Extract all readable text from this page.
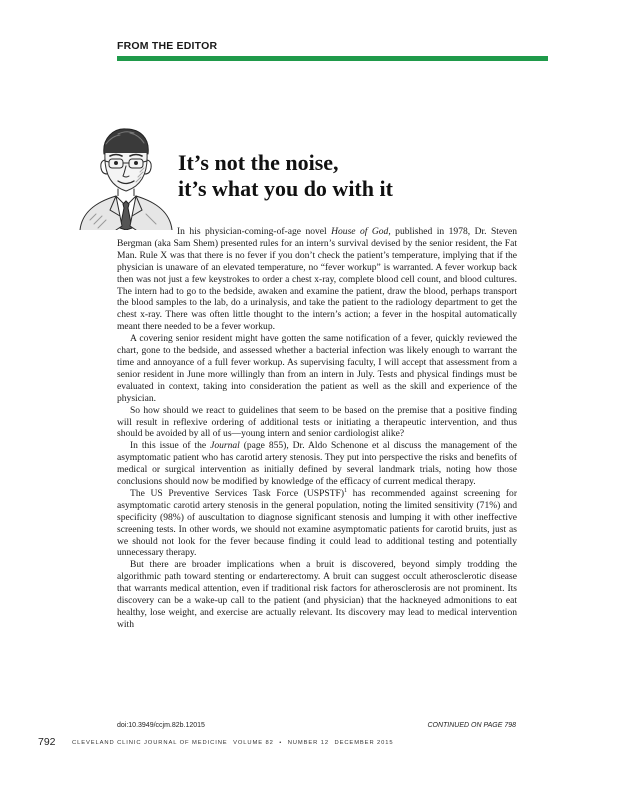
FROM THE EDITOR
It’s not the noise,
it’s what you do with it

In his physician-coming-of-age novel House of God, published in 1978, Dr. Steven Bergman (aka Sam Shem) presented rules for an intern’s survival devised by the senior resident, the Fat Man. Rule X was that there is no fever if you don’t check the patient’s temperature, implying that if the physician is unaware of an elevated temperature, no “fever workup” is warranted. A fever workup back then was not just a few keystrokes to order a chest x-ray, complete blood cell count, and blood cultures. The intern had to go to the bedside, awaken and examine the patient, draw the blood, perhaps transport the blood samples to the lab, do a urinalysis, and take the patient to the radiology department to get the chest x-ray. There was often little thought to the intern’s action; a fever in the hospital automatically meant there needed to be a fever workup.

A covering senior resident might have gotten the same notification of a fever, quickly reviewed the chart, gone to the bedside, and assessed whether a bacterial infection was likely enough to warrant the time and annoyance of a full fever workup. As supervising faculty, I will accept that assessment from a senior resident in June more willingly than from an intern in July. Tests and physical findings must be evaluated in context, taking into consideration the patient as well as the skill and experience of the physician.

So how should we react to guidelines that seem to be based on the premise that a positive finding will result in reflexive ordering of additional tests or initiating a therapeutic intervention, and thus should be avoided by all of us—young intern and senior cardiologist alike?

In this issue of the Journal (page 855), Dr. Aldo Schenone et al discuss the management of the asymptomatic patient who has carotid artery stenosis. They put into perspective the risks and benefits of medical or surgical intervention as initially defined by several landmark trials, noting how those conclusions should now be modified by knowledge of the efficacy of current medical therapy.

The US Preventive Services Task Force (USPSTF)$^1$ has recommended against screening for asymptomatic carotid artery stenosis in the general population, noting the limited sensitivity (71%) and specificity (98%) of auscultation to diagnose significant stenosis and lumping it with other ineffective screening tests. In other words, we should not examine asymptomatic patients for carotid bruits, just as we should not look for the fever because finding it could lead to additional testing and potentially unnecessary therapy.

But there are broader implications when a bruit is discovered, beyond simply trodding the algorithmic path toward stenting or endarterectomy. A bruit can suggest occult atherosclerotic disease that warrants medical attention, even if traditional risk factors for atherosclerosis are not prominent. Its discovery can be a wake-up call to the patient (and physician) that the hackneyed admonitions to eat healthy, lose weight, and exercise are actually relevant. Its discovery may lead to medical intervention with

doi:10.3949/ccjm.82b.12015	CONTINUED ON PAGE 798
792	CLEVELAND CLINIC JOURNAL OF MEDICINE VOLUME 82 • NUMBER 12 DECEMBER 2015
